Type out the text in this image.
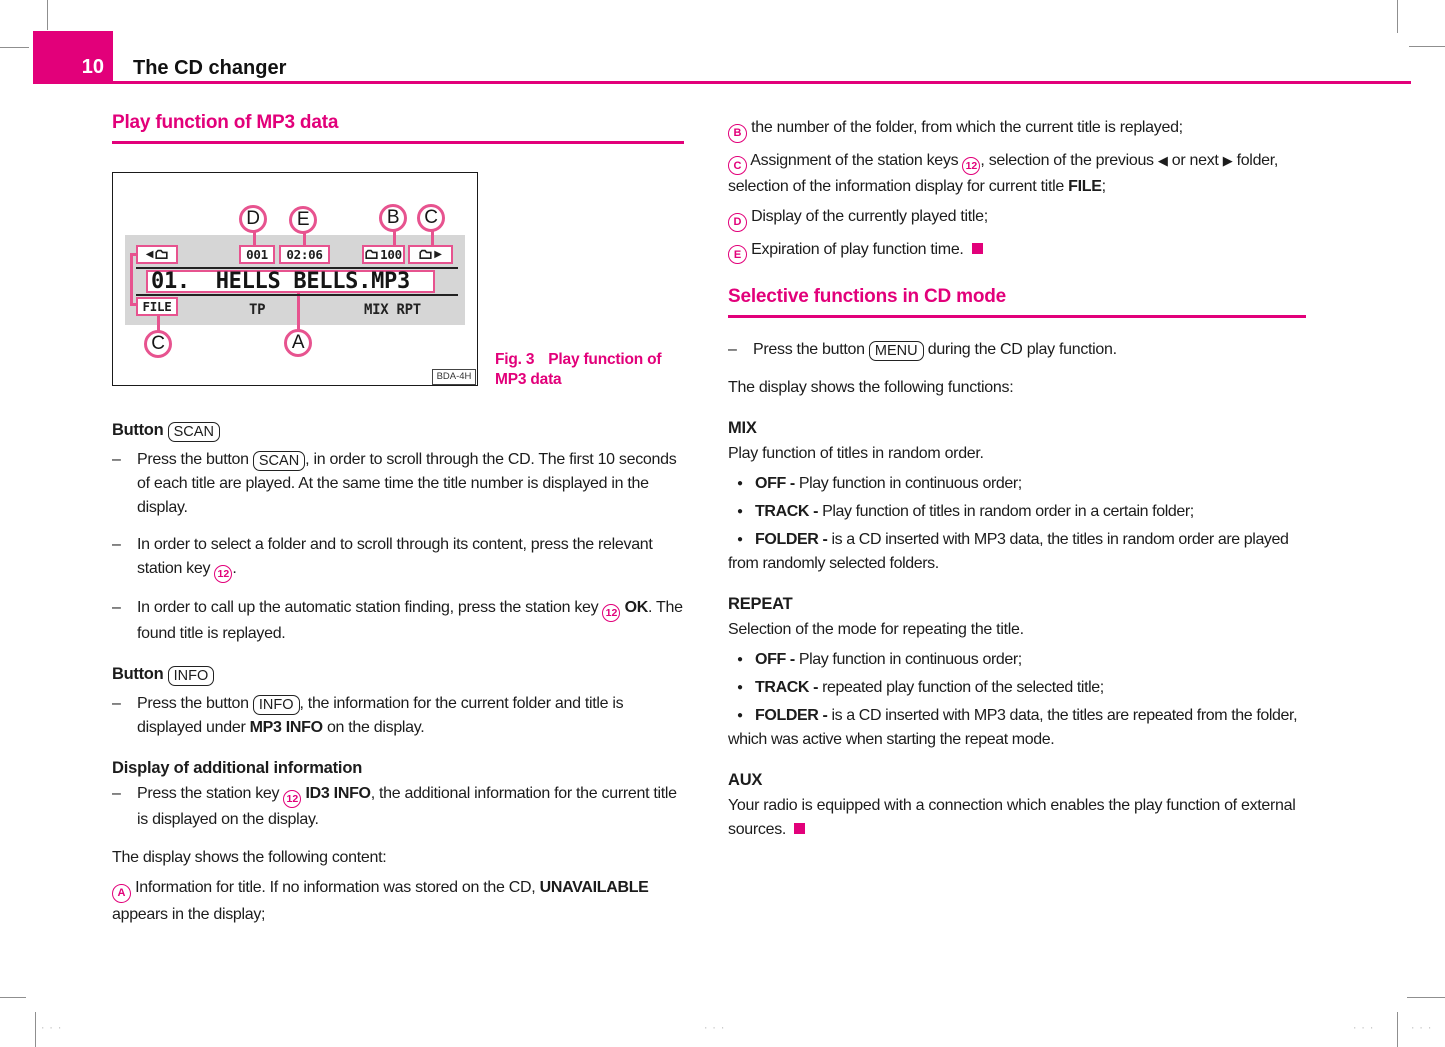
···	···	···	···
10 The CD changer
Play function of MP3 data
◀	001 02:06	100	▶
01.  HELLS BELLS.MP3
FILE	TP	MIX RPT
D	E	B	C
C	A
BDA-4H
Fig. 3 Play function of MP3 data
Button SCAN
–	Press the button SCAN , in order to scroll through the CD. The first 10 seconds of each title are played. At the same time the title number is displayed in the display.
–	In order to select a folder and to scroll through its content, press the relevant station key 12 .
–	In order to call up the automatic station finding, press the station key 12 OK. The found title is replayed.
Button INFO
–	Press the button INFO , the information for the current folder and title is displayed under MP3 INFO on the display.
Display of additional information
–	Press the station key 12 ID3 INFO, the additional information for the current title is displayed on the display.

The display shows the following content:

A Information for title. If no information was stored on the CD, UNAVAILABLE appears in the display;

B the number of the folder, from which the current title is replayed;

C Assignment of the station keys 12 , selection of the previous ◀ or next ▶ folder, selection of the information display for current title FILE;

D Display of the currently played title;

E Expiration of play function time.

Selective functions in CD mode
–	Press the button MENU during the CD play function.

The display shows the following functions:

MIX

Play function of titles in random order.

● OFF - Play function in continuous order;

● TRACK - Play function of titles in random order in a certain folder;

● FOLDER - is a CD inserted with MP3 data, the titles in random order are played from randomly selected folders.

REPEAT

Selection of the mode for repeating the title.

● OFF - Play function in continuous order;

● TRACK - repeated play function of the selected title;

● FOLDER - is a CD inserted with MP3 data, the titles are repeated from the folder, which was active when starting the repeat mode.

AUX

Your radio is equipped with a connection which enables the play function of external sources.
